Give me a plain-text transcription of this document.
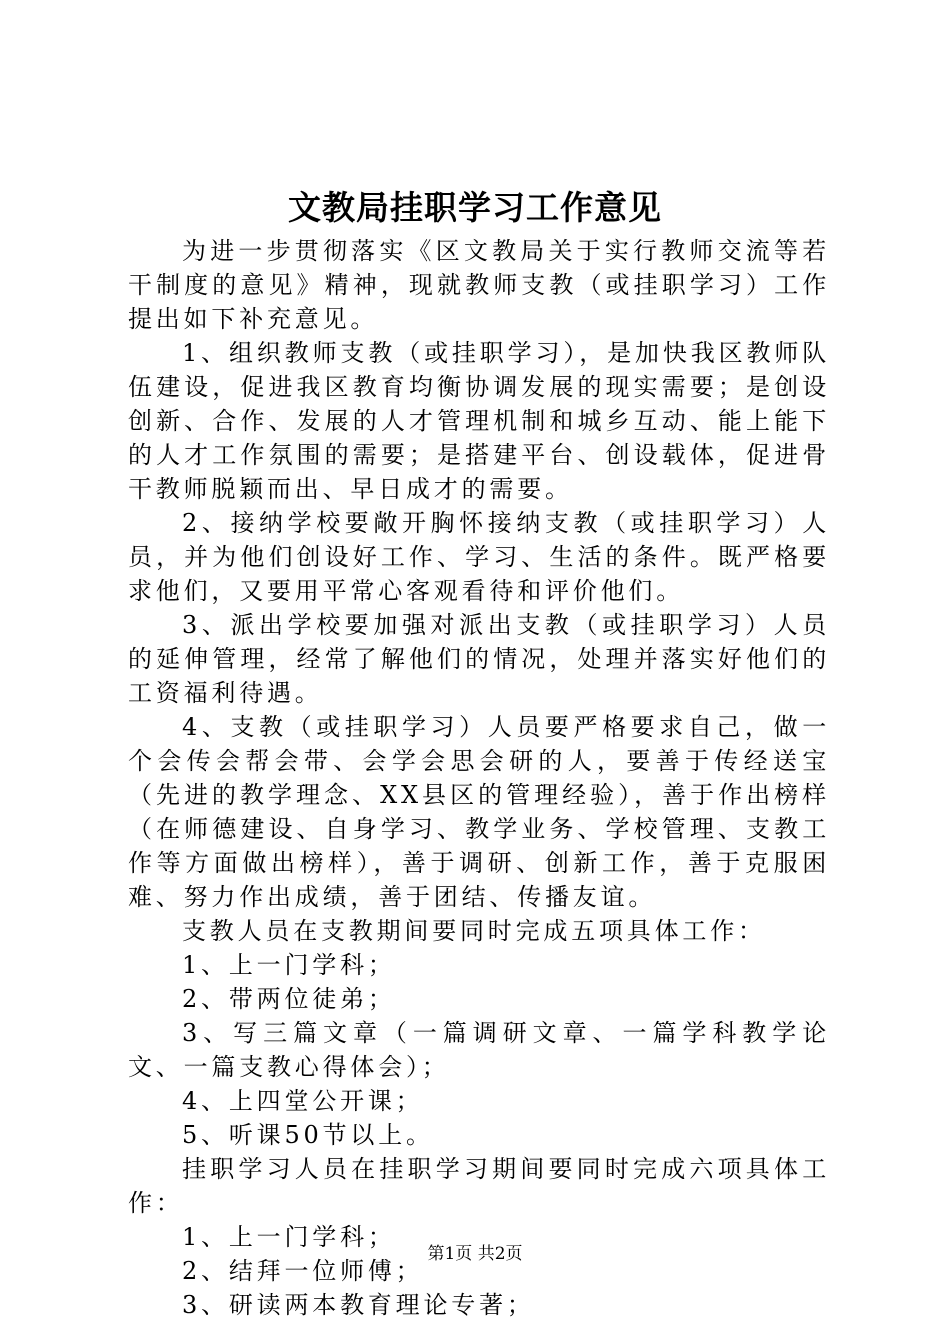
文教局挂职学习工作意见

为进一步贯彻落实《区文教局关于实行教师交流等若干制度的意见》精神，现就教师支教（或挂职学习）工作提出如下补充意见。

1、组织教师支教（或挂职学习），是加快我区教师队伍建设，促进我区教育均衡协调发展的现实需要；是创设创新、合作、发展的人才管理机制和城乡互动、能上能下的人才工作氛围的需要；是搭建平台、创设载体，促进骨干教师脱颖而出、早日成才的需要。

2、接纳学校要敞开胸怀接纳支教（或挂职学习）人员，并为他们创设好工作、学习、生活的条件。既严格要求他们，又要用平常心客观看待和评价他们。

3、派出学校要加强对派出支教（或挂职学习）人员的延伸管理，经常了解他们的情况，处理并落实好他们的工资福利待遇。

4、支教（或挂职学习）人员要严格要求自己，做一个会传会帮会带、会学会思会研的人，要善于传经送宝（先进的教学理念、XX县区的管理经验），善于作出榜样（在师德建设、自身学习、教学业务、学校管理、支教工作等方面做出榜样），善于调研、创新工作，善于克服困难、努力作出成绩，善于团结、传播友谊。

支教人员在支教期间要同时完成五项具体工作：

1、上一门学科；

2、带两位徒弟；

3、写三篇文章（一篇调研文章、一篇学科教学论文、一篇支教心得体会）；

4、上四堂公开课；

5、听课50节以上。

挂职学习人员在挂职学习期间要同时完成六项具体工作：

1、上一门学科；

2、结拜一位师傅；

3、研读两本教育理论专著；

第1页 共2页
